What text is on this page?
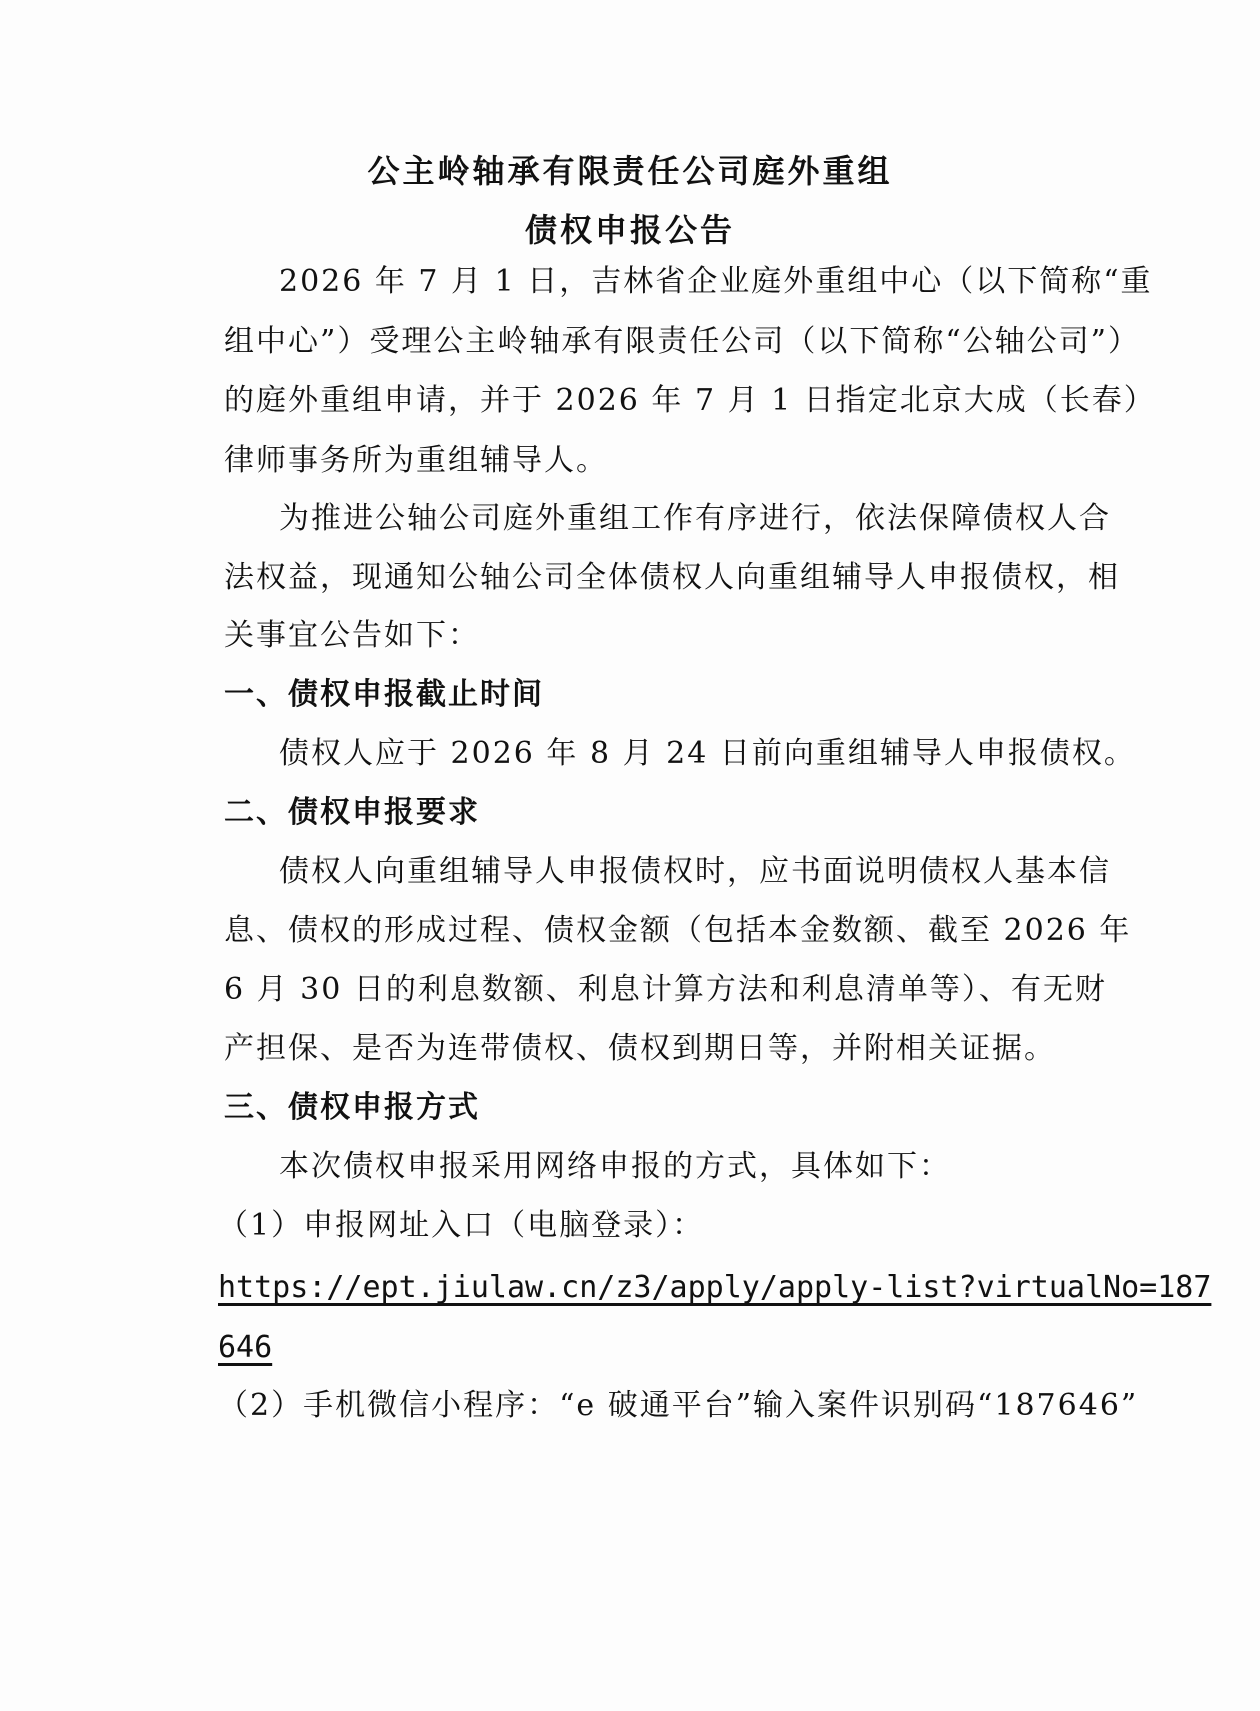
公主岭轴承有限责任公司庭外重组
债权申报公告
2026 年 7 月 1 日，吉林省企业庭外重组中心（以下简称“重
组中心”）受理公主岭轴承有限责任公司（以下简称“公轴公司”）
的庭外重组申请，并于 2026 年 7 月 1 日指定北京大成（长春）
律师事务所为重组辅导人。
为推进公轴公司庭外重组工作有序进行，依法保障债权人合
法权益，现通知公轴公司全体债权人向重组辅导人申报债权，相
关事宜公告如下：
一、债权申报截止时间
债权人应于 2026 年 8 月 24 日前向重组辅导人申报债权。
二、债权申报要求
债权人向重组辅导人申报债权时，应书面说明债权人基本信
息、债权的形成过程、债权金额（包括本金数额、截至 2026 年
6 月 30 日的利息数额、利息计算方法和利息清单等）、有无财
产担保、是否为连带债权、债权到期日等，并附相关证据。
三、债权申报方式
本次债权申报采用网络申报的方式，具体如下：
（1）申报网址入口（电脑登录）：
https://ept.jiulaw.cn/z3/apply/apply-list?virtualNo=187
646
（2）手机微信小程序：“e 破通平台”输入案件识别码“187646”
